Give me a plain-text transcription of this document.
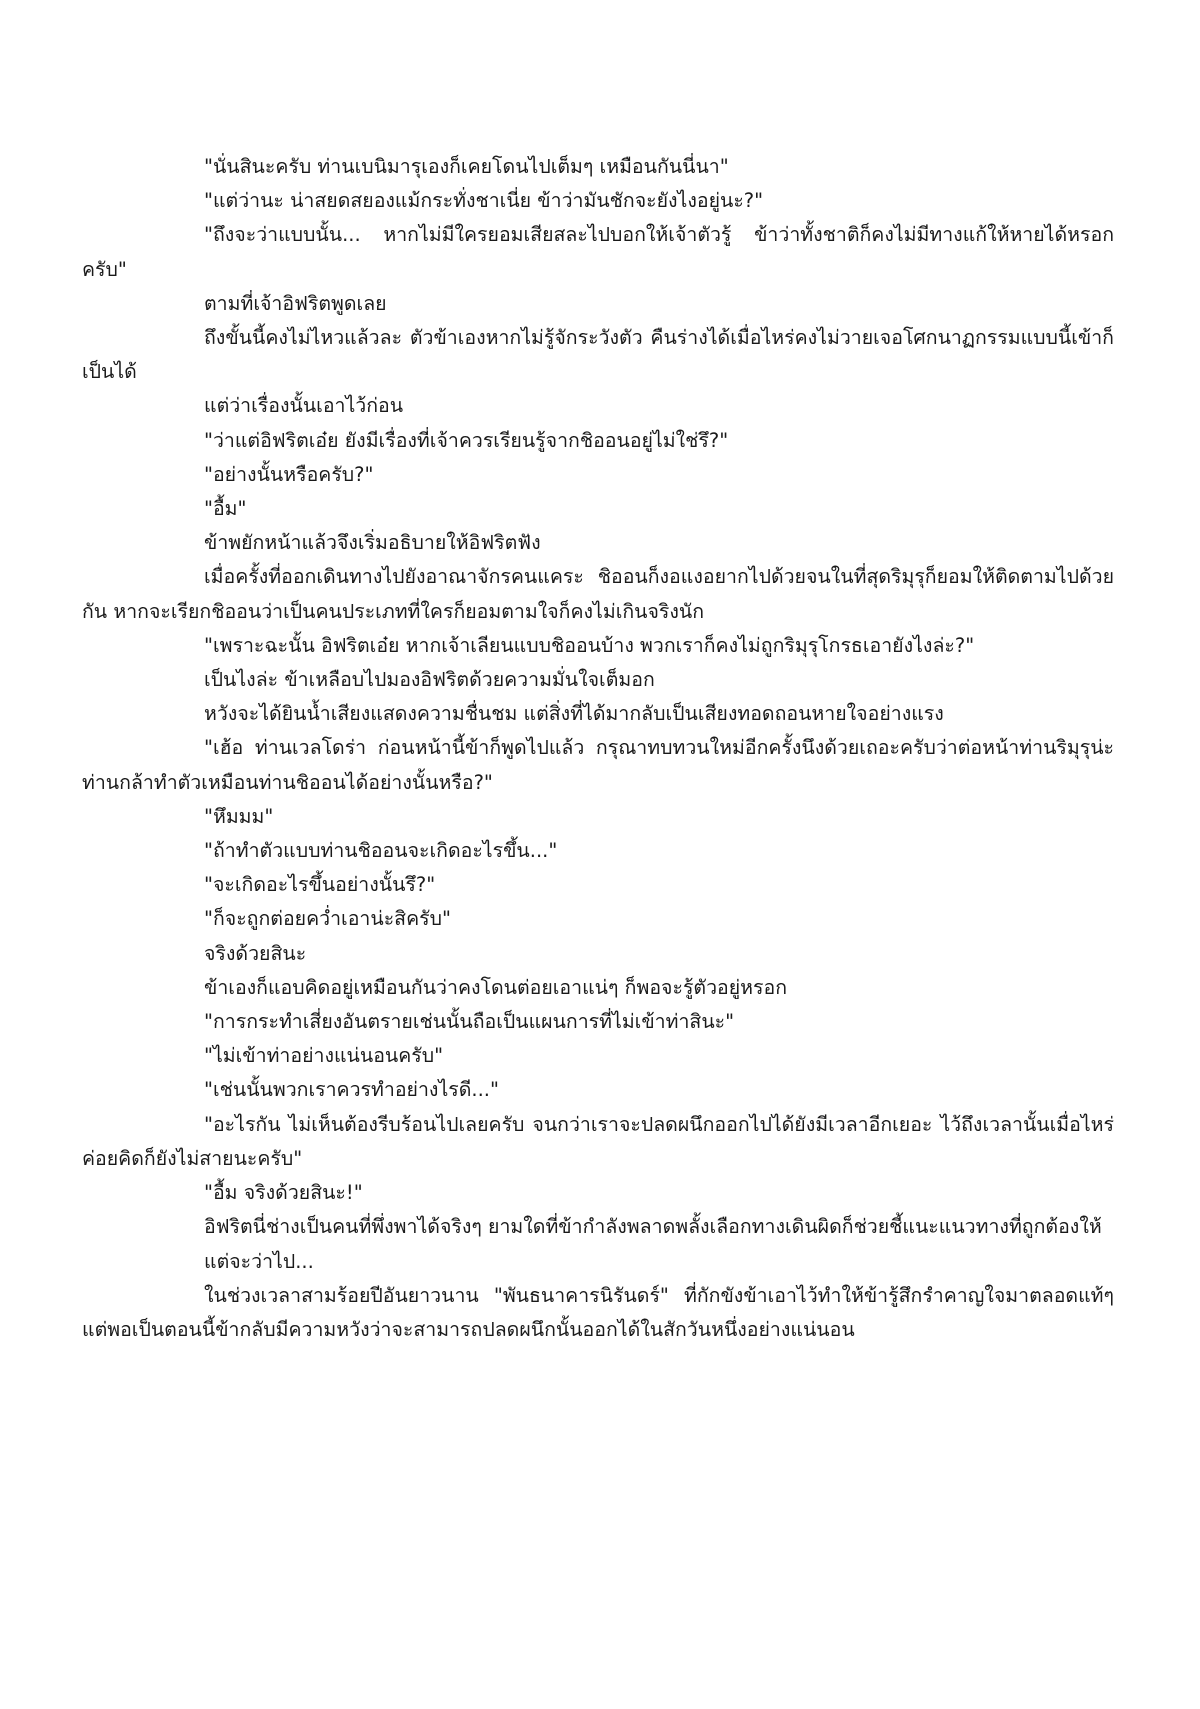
"นั่นสินะครับ ท่านเบนิมารุเองก็เคยโดนไปเต็มๆ เหมือนกันนี่นา"

"แต่ว่านะ น่าสยดสยองแม้กระทั่งชาเนี่ย ข้าว่ามันชักจะยังไงอยู่นะ?"

"ถึงจะว่าแบบนั้น... หากไม่มีใครยอมเสียสละไปบอกให้เจ้าตัวรู้ ข้าว่าทั้งชาติก็คงไม่มีทางแก้ให้หายได้หรอกครับ"

ตามที่เจ้าอิฟริตพูดเลย

ถึงขั้นนี้คงไม่ไหวแล้วละ ตัวข้าเองหากไม่รู้จักระวังตัว คืนร่างได้เมื่อไหร่คงไม่วายเจอโศกนาฏกรรมแบบนี้เข้าก็เป็นได้

แต่ว่าเรื่องนั้นเอาไว้ก่อน

"ว่าแต่อิฟริตเอ๋ย ยังมีเรื่องที่เจ้าควรเรียนรู้จากชิออนอยู่ไม่ใช่รึ?"

"อย่างนั้นหรือครับ?"

"อื้ม"

ข้าพยักหน้าแล้วจึงเริ่มอธิบายให้อิฟริตฟัง

เมื่อครั้งที่ออกเดินทางไปยังอาณาจักรคนแคระ ชิออนก็งอแงอยากไปด้วยจนในที่สุดริมุรุก็ยอมให้ติดตามไปด้วยกัน หากจะเรียกชิออนว่าเป็นคนประเภทที่ใครก็ยอมตามใจก็คงไม่เกินจริงนัก

"เพราะฉะนั้น อิฟริตเอ๋ย หากเจ้าเลียนแบบชิออนบ้าง พวกเราก็คงไม่ถูกริมุรุโกรธเอายังไงล่ะ?"

เป็นไงล่ะ ข้าเหลือบไปมองอิฟริตด้วยความมั่นใจเต็มอก

หวังจะได้ยินน้ำเสียงแสดงความชื่นชม แต่สิ่งที่ได้มากลับเป็นเสียงทอดถอนหายใจอย่างแรง

"เฮ้อ ท่านเวลโดร่า ก่อนหน้านี้ข้าก็พูดไปแล้ว กรุณาทบทวนใหม่อีกครั้งนึงด้วยเถอะครับว่าต่อหน้าท่านริมุรุน่ะ ท่านกล้าทำตัวเหมือนท่านชิออนได้อย่างนั้นหรือ?"

"หึมมม"

"ถ้าทำตัวแบบท่านชิออนจะเกิดอะไรขึ้น..."

"จะเกิดอะไรขึ้นอย่างนั้นรึ?"

"ก็จะถูกต่อยคว่ำเอาน่ะสิครับ"

จริงด้วยสินะ

ข้าเองก็แอบคิดอยู่เหมือนกันว่าคงโดนต่อยเอาแน่ๆ ก็พอจะรู้ตัวอยู่หรอก

"การกระทำเสี่ยงอันตรายเช่นนั้นถือเป็นแผนการที่ไม่เข้าท่าสินะ"

"ไม่เข้าท่าอย่างแน่นอนครับ"

"เช่นนั้นพวกเราควรทำอย่างไรดี..."

"อะไรกัน ไม่เห็นต้องรีบร้อนไปเลยครับ จนกว่าเราจะปลดผนึกออกไปได้ยังมีเวลาอีกเยอะ ไว้ถึงเวลานั้นเมื่อไหร่ค่อยคิดก็ยังไม่สายนะครับ"

"อื้ม จริงด้วยสินะ!"

อิฟริตนี่ช่างเป็นคนที่พึ่งพาได้จริงๆ ยามใดที่ข้ากำลังพลาดพลั้งเลือกทางเดินผิดก็ช่วยชี้แนะแนวทางที่ถูกต้องให้

แต่จะว่าไป...

ในช่วงเวลาสามร้อยปีอันยาวนาน "พันธนาคารนิรันดร์" ที่กักขังข้าเอาไว้ทำให้ข้ารู้สึกรำคาญใจมาตลอดแท้ๆ แต่พอเป็นตอนนี้ข้ากลับมีความหวังว่าจะสามารถปลดผนึกนั้นออกได้ในสักวันหนึ่งอย่างแน่นอน
